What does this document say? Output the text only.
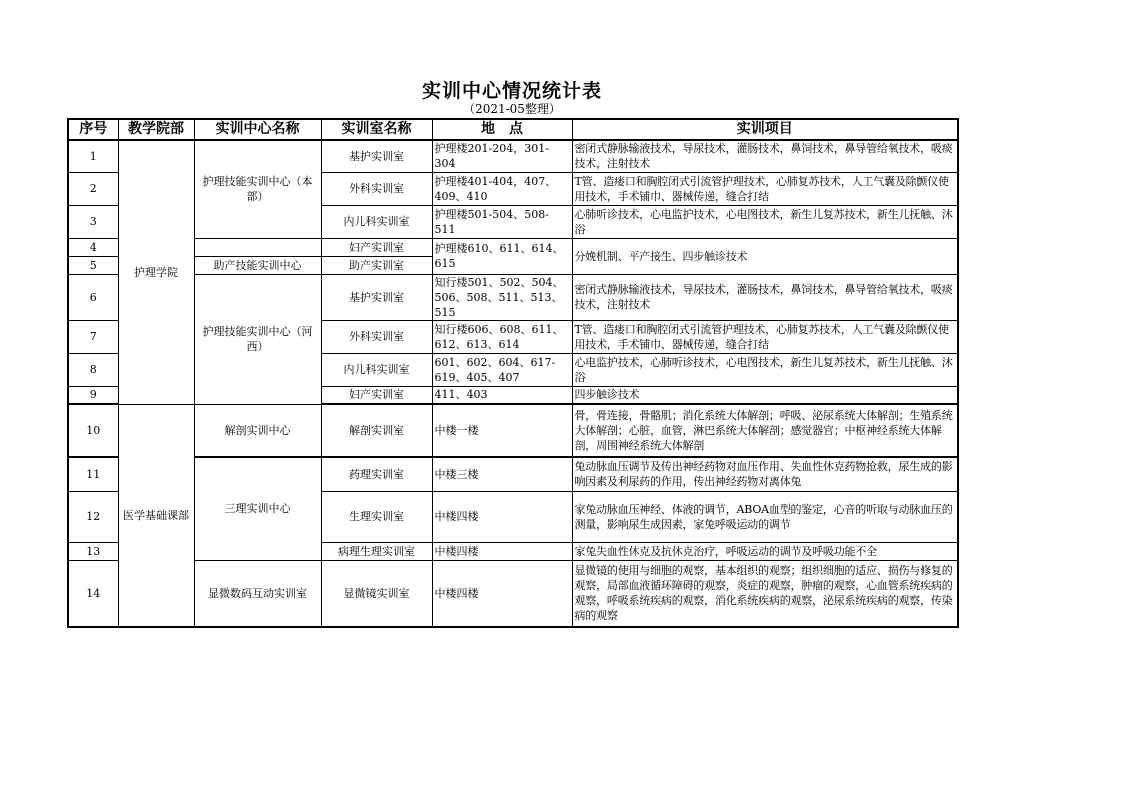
实训中心情况统计表
（2021-05整理）
序号	教学院部	实训中心名称	实训室名称	地　点	实训项目
1	护理学院	护理技能实训中心（本部）	基护实训室	护理楼201-204，301-304	密闭式静脉输液技术，导尿技术，灌肠技术，鼻饲技术，鼻导管给氧技术，吸痰技术，注射技术
2			外科实训室	护理楼401-404，407、409、410	T管、造瘘口和胸腔闭式引流管护理技术，心肺复苏技术，人工气囊及除颤仪使用技术，手术铺巾、器械传递，缝合打结
3			内儿科实训室	护理楼501-504、508-511	心肺听诊技术，心电监护技术，心电图技术，新生儿复苏技术，新生儿抚触、沐浴
4			妇产实训室	护理楼610、611、614、615	分娩机制、平产接生、四步触诊技术
5		助产技能实训中心	助产实训室		
6		护理技能实训中心（河西）	基护实训室	知行楼501、502、504、506、508、511、513、515	密闭式静脉输液技术，导尿技术，灌肠技术，鼻饲技术，鼻导管给氧技术，吸痰技术，注射技术
7			外科实训室	知行楼606、608、611、612、613、614	T管、造瘘口和胸腔闭式引流管护理技术，心肺复苏技术，人工气囊及除颤仪使用技术，手术铺巾、器械传递，缝合打结
8			内儿科实训室	601、602、604、617-619、405、407	心电监护技术，心肺听诊技术，心电图技术，新生儿复苏技术，新生儿抚触、沐浴
9			妇产实训室	411、403	四步触诊技术
10	医学基础课部	解剖实训中心	解剖实训室	中楼一楼	骨，骨连接，骨骼肌；消化系统大体解剖；呼吸、泌尿系统大体解剖；生殖系统大体解剖；心脏，血管，淋巴系统大体解剖；感觉器官；中枢神经系统大体解剖，周围神经系统大体解剖
11		三理实训中心	药理实训室	中楼三楼	兔动脉血压调节及传出神经药物对血压作用、失血性休克药物抢救，尿生成的影响因素及利尿药的作用，传出神经药物对离体兔
12			生理实训室	中楼四楼	家兔动脉血压神经、体液的调节，ABOA血型的鉴定，心音的听取与动脉血压的测量，影响尿生成因素，家兔呼吸运动的调节
13			病理生理实训室	中楼四楼	家兔失血性休克及抗休克治疗，呼吸运动的调节及呼吸功能不全
14		显微数码互动实训室	显微镜实训室	中楼四楼	显微镜的使用与细胞的观察，基本组织的观察；组织细胞的适应、损伤与修复的观察，局部血液循环障碍的观察，炎症的观察，肿瘤的观察，心血管系统疾病的观察，呼吸系统疾病的观察，消化系统疾病的观察，泌尿系统疾病的观察，传染病的观察
